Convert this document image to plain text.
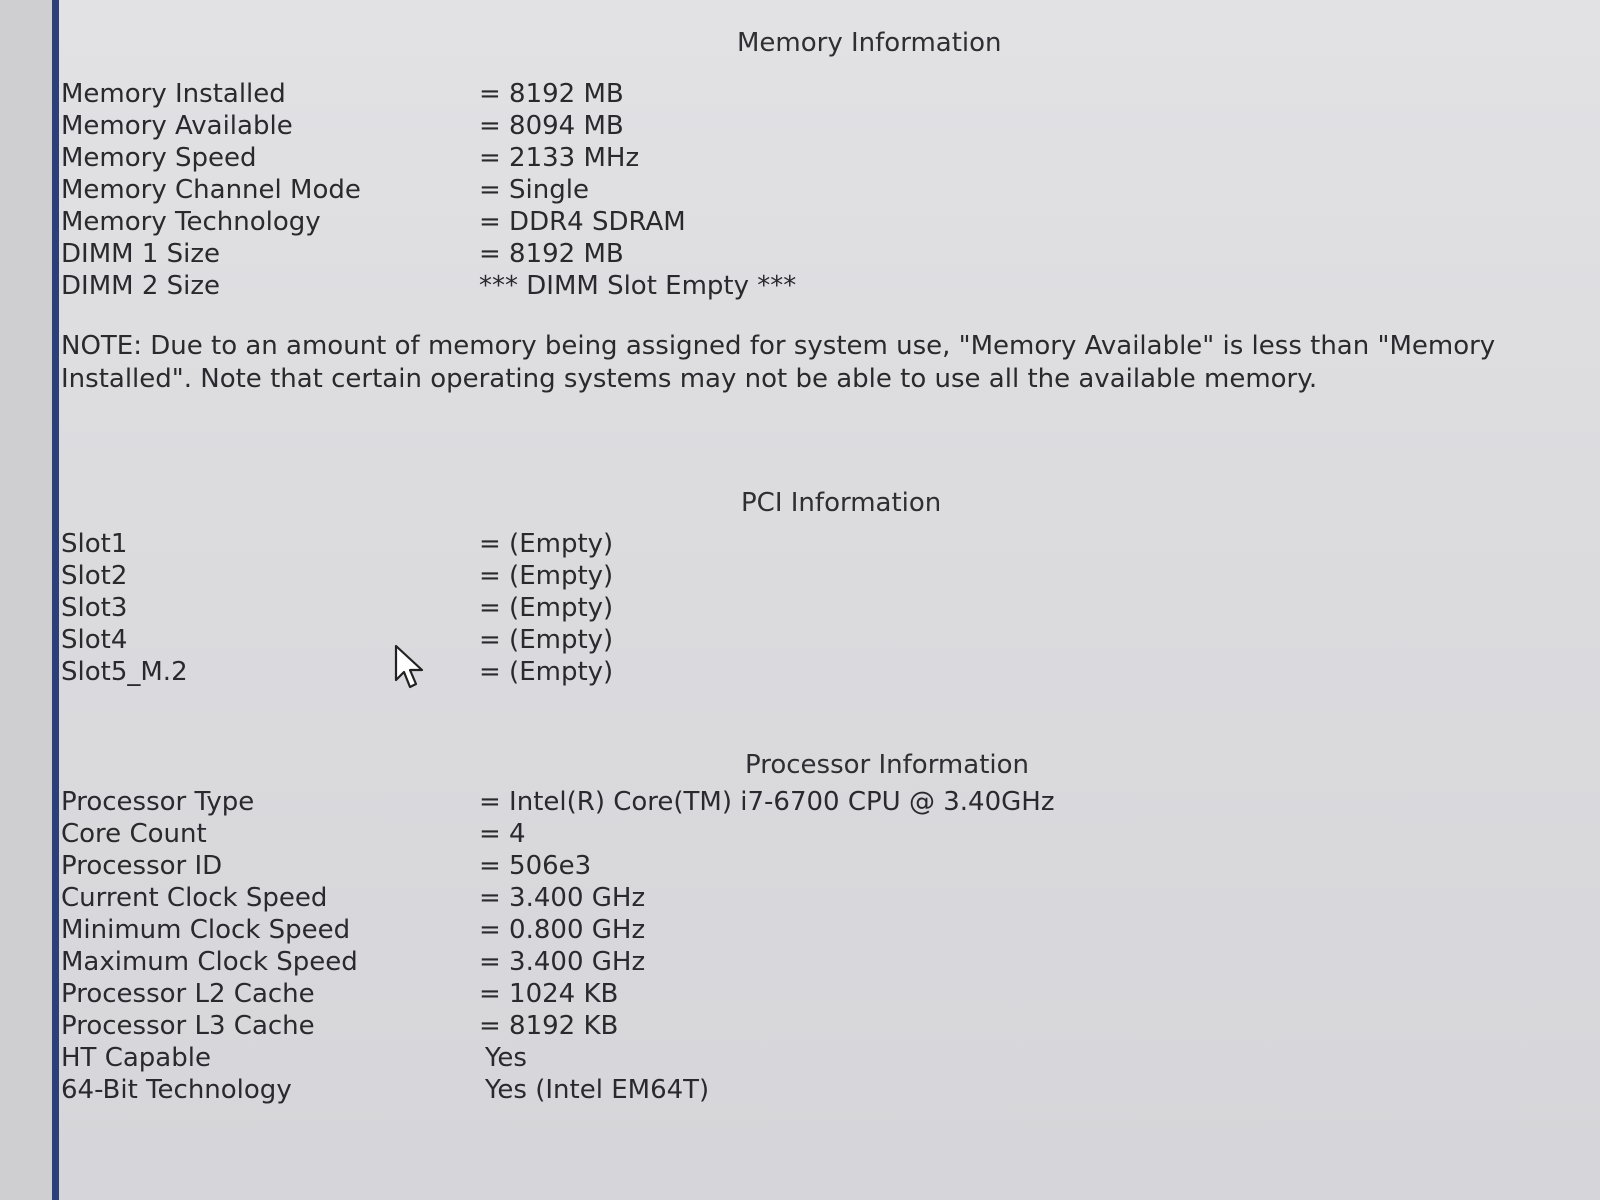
Memory Information
Memory Installed	= 8192 MB
Memory Available	= 8094 MB
Memory Speed	= 2133 MHz
Memory Channel Mode	= Single
Memory Technology	= DDR4 SDRAM
DIMM 1 Size	= 8192 MB
DIMM 2 Size	*** DIMM Slot Empty ***
NOTE: Due to an amount of memory being assigned for system use, "Memory Available" is less than "Memory Installed". Note that certain operating systems may not be able to use all the available memory.
PCI Information
Slot1	= (Empty)
Slot2	= (Empty)
Slot3	= (Empty)
Slot4	= (Empty)
Slot5_M.2	= (Empty)
Processor Information
Processor Type	= Intel(R) Core(TM) i7-6700 CPU @ 3.40GHz
Core Count	= 4
Processor ID	= 506e3
Current Clock Speed	= 3.400 GHz
Minimum Clock Speed	= 0.800 GHz
Maximum Clock Speed	= 3.400 GHz
Processor L2 Cache	= 1024 KB
Processor L3 Cache	= 8192 KB
HT Capable	Yes
64-Bit Technology	Yes (Intel EM64T)
